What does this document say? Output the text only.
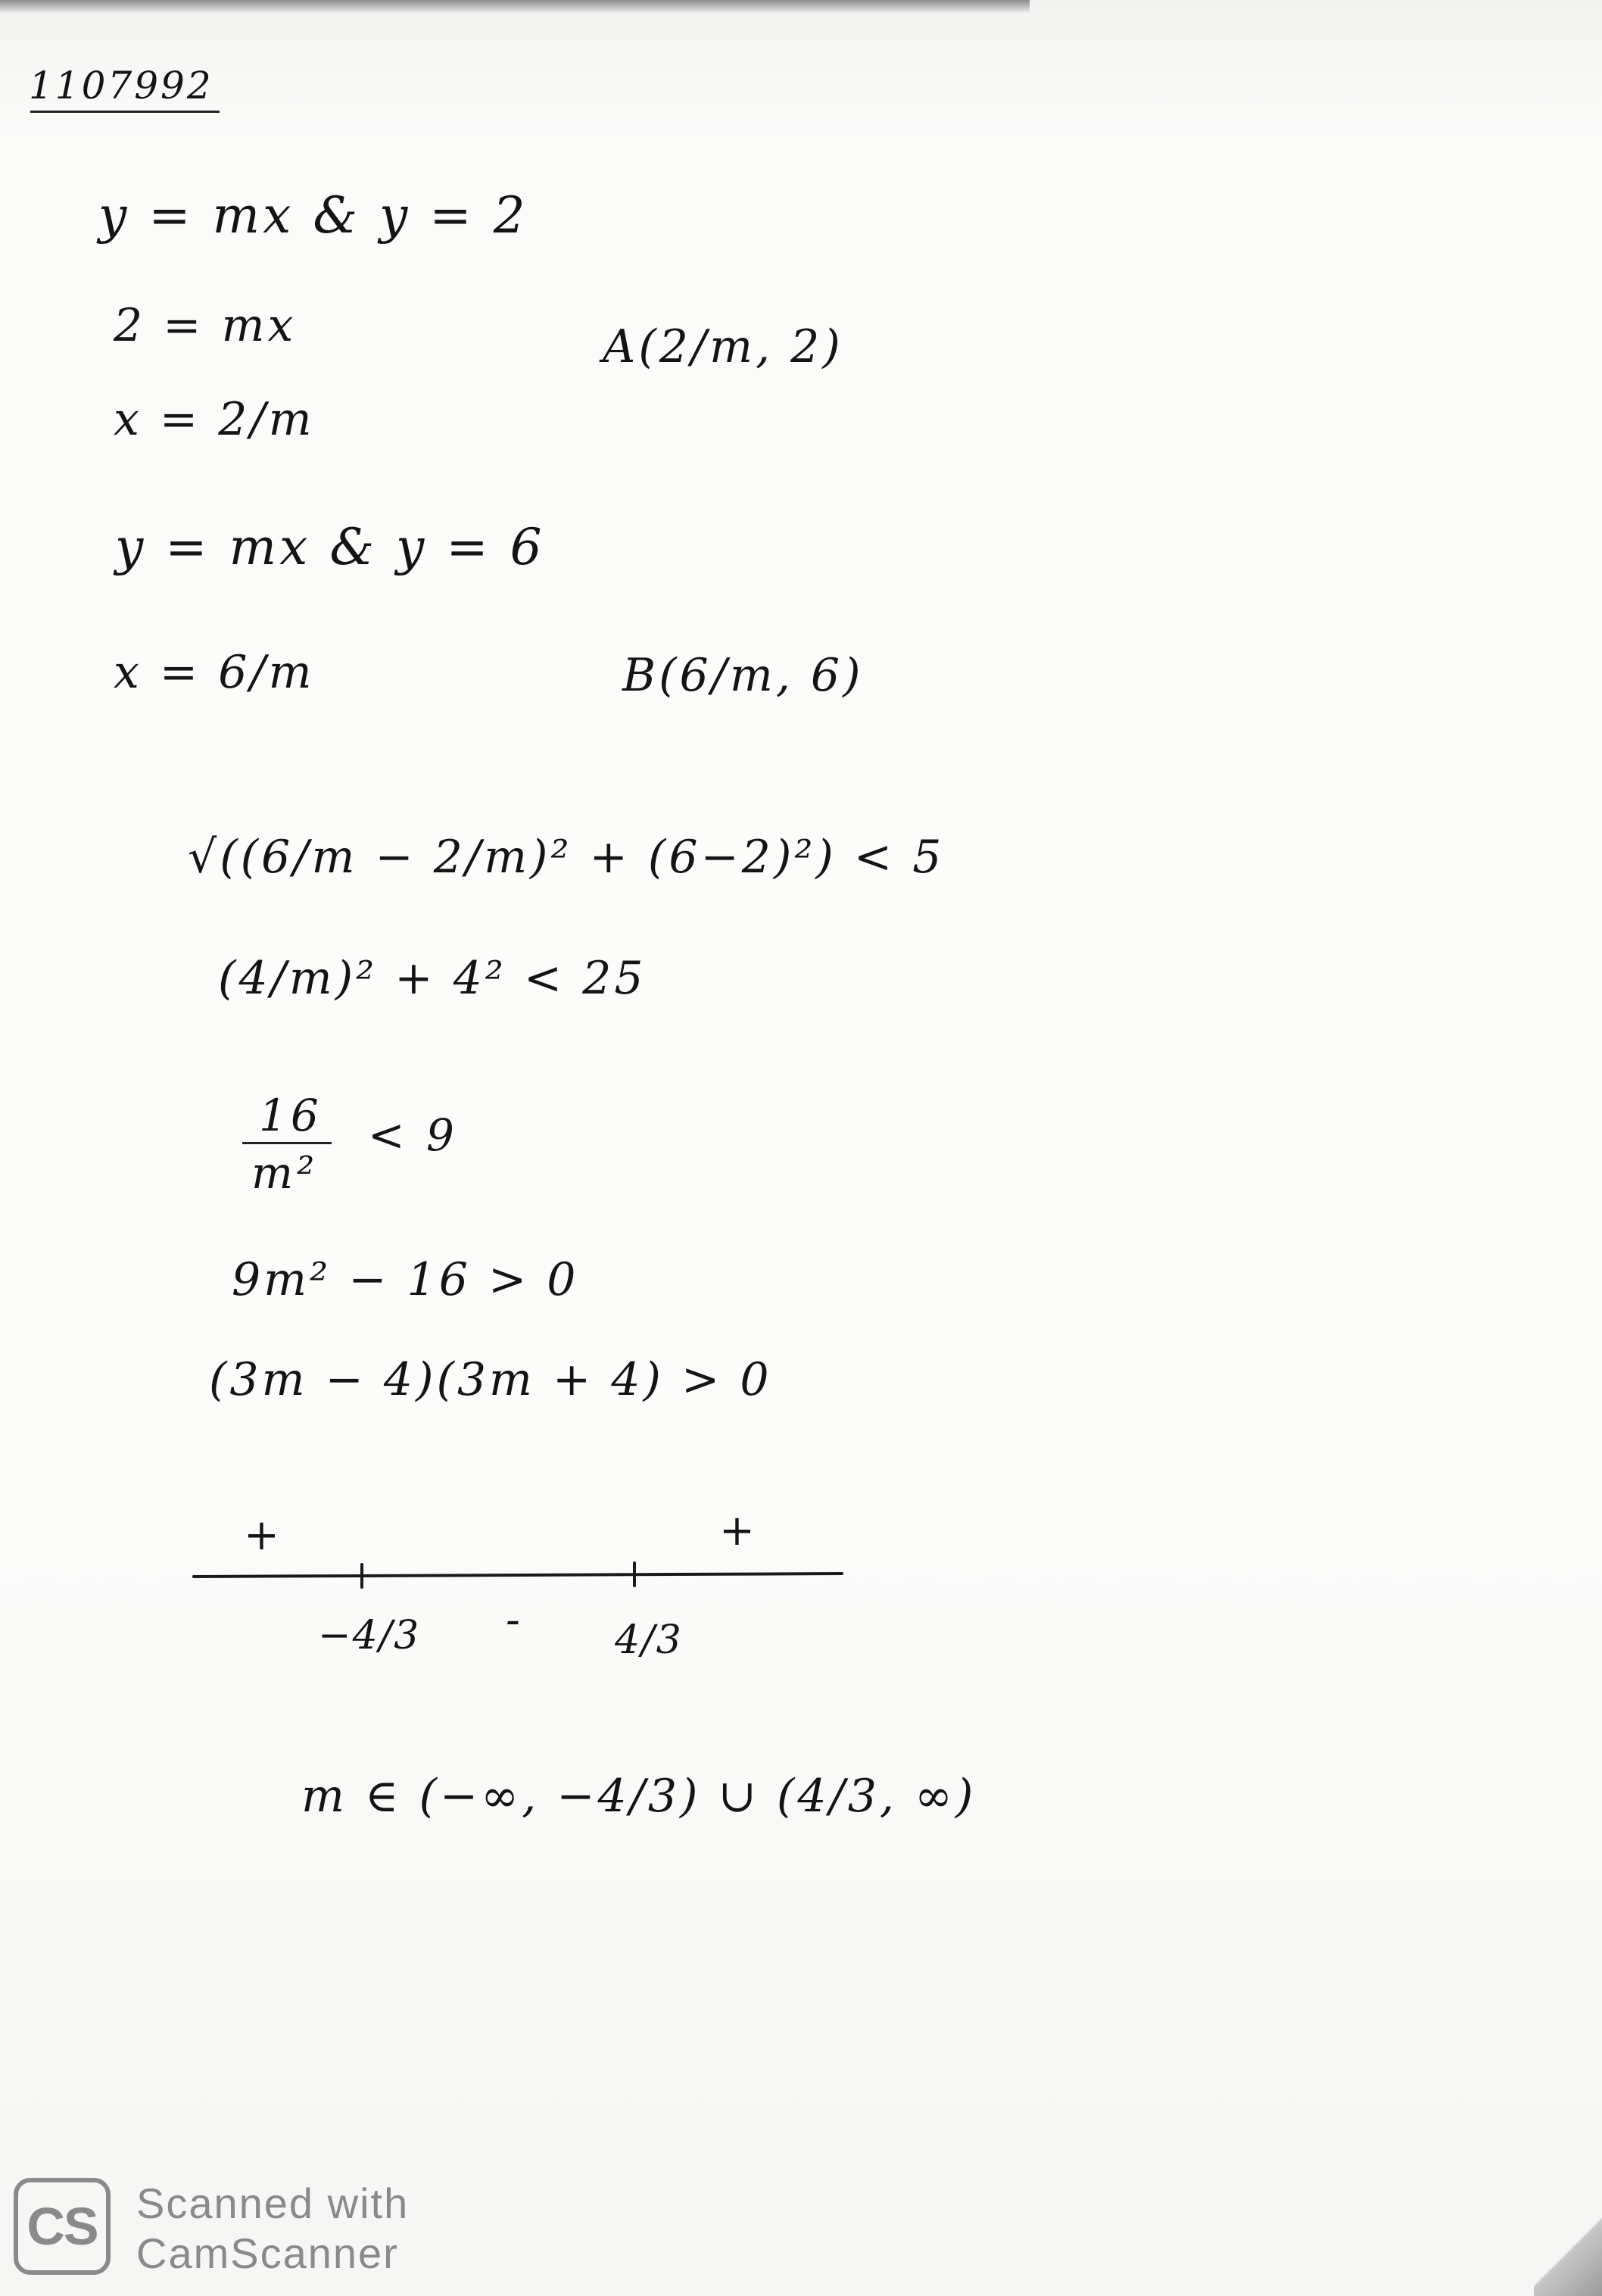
1107992
y = mx & y = 2
2 = mx
x = 2/m
A(2/m, 2)
y = mx & y = 6
x = 6/m	B(6/m, 6)
√((6/m − 2/m)² + (6−2)²) < 5
(4/m)² + 4² < 25
16
m²
< 9
9m² − 16 > 0
(3m − 4)(3m + 4) > 0
+
-
+
−4/3	4/3
m ∈ (−∞, −4/3) ∪ (4/3, ∞)
CS Scanned with
CamScanner
